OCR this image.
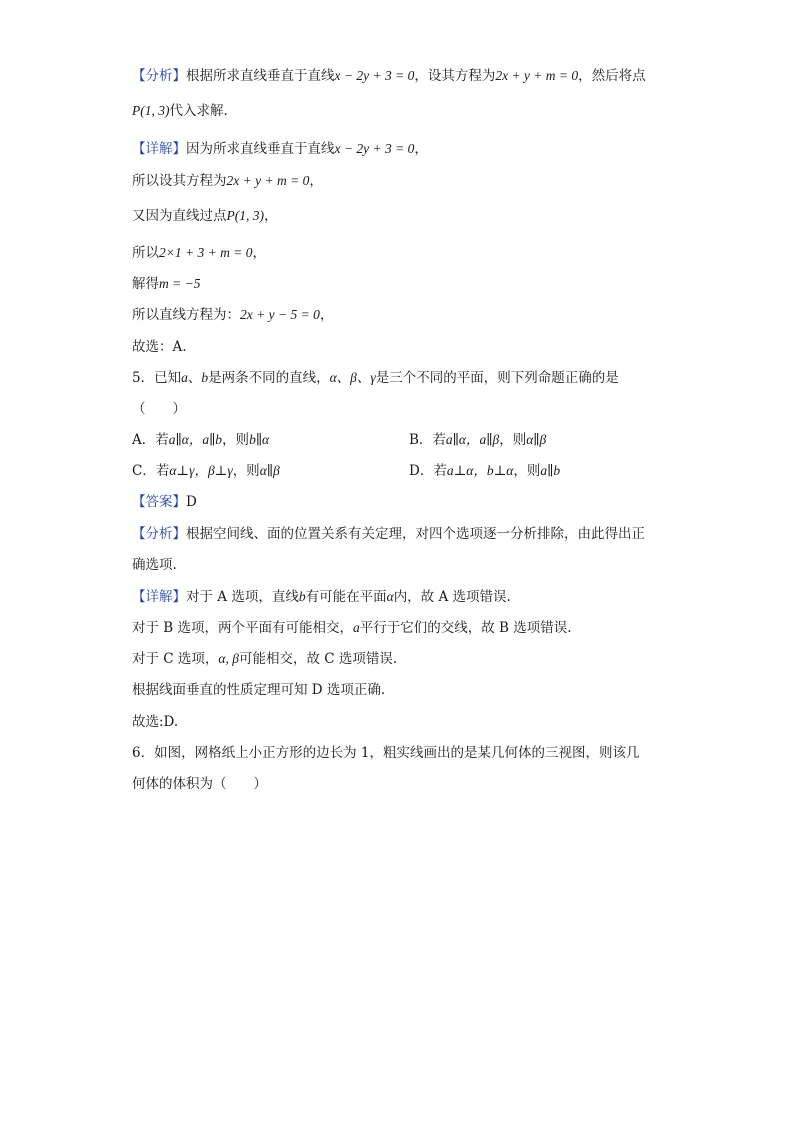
【分析】根据所求直线垂直于直线x − 2y + 3 = 0，设其方程为2x + y + m = 0，然后将点
P(1, 3)代入求解.
【详解】因为所求直线垂直于直线x − 2y + 3 = 0，
所以设其方程为2x + y + m = 0，
又因为直线过点P(1, 3)，
所以2×1 + 3 + m = 0，
解得m = −5
所以直线方程为：2x + y − 5 = 0，
故选：A.
5．已知a、b是两条不同的直线，α、β、γ是三个不同的平面，则下列命题正确的是
（　　）
A．若a∥α，a∥b，则b∥α	B．若a∥α，a∥β，则α∥β
C．若α⊥γ，β⊥γ，则α∥β	D．若a⊥α，b⊥α，则a∥b
【答案】D
【分析】根据空间线、面的位置关系有关定理，对四个选项逐一分析排除，由此得出正
确选项.
【详解】对于 A 选项，直线b有可能在平面α内，故 A 选项错误.
对于 B 选项，两个平面有可能相交，a平行于它们的交线，故 B 选项错误.
对于 C 选项，α, β可能相交，故 C 选项错误.
根据线面垂直的性质定理可知 D 选项正确.
故选:D.
6．如图，网格纸上小正方形的边长为 1，粗实线画出的是某几何体的三视图，则该几
何体的体积为（　　）
